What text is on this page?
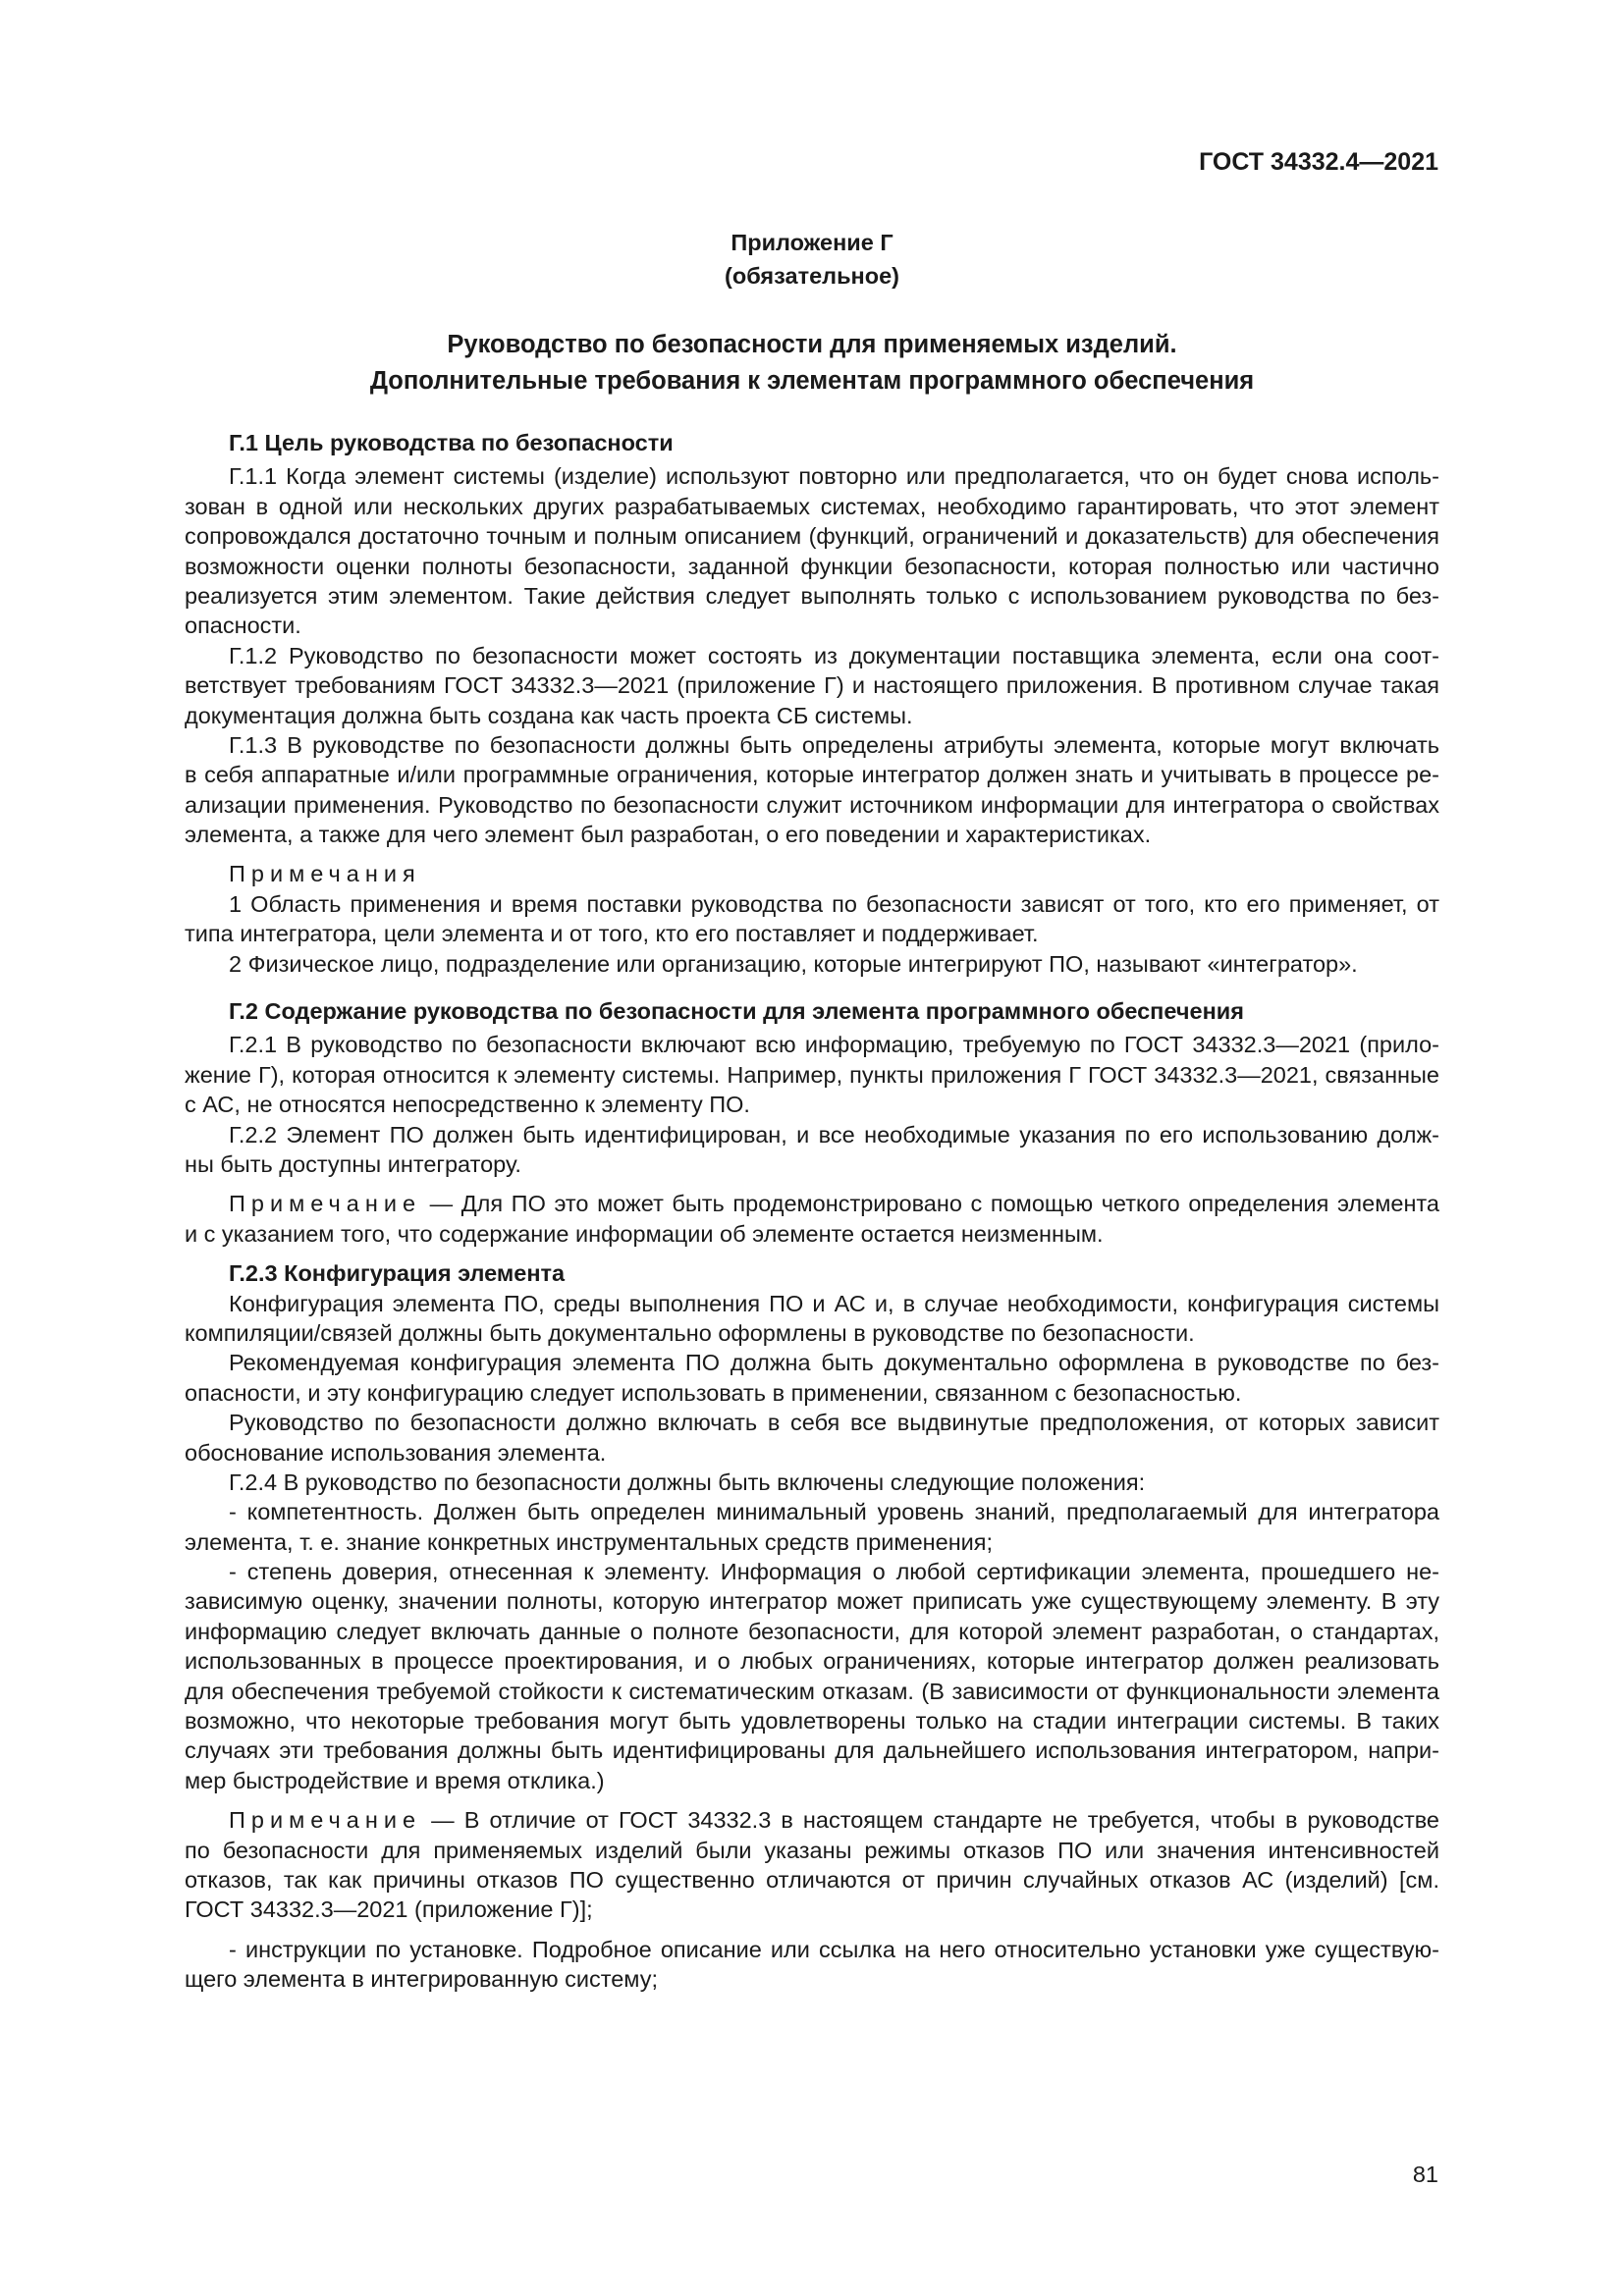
ГОСТ 34332.4—2021
Приложение Г
(обязательное)
Руководство по безопасности для применяемых изделий.
Дополнительные требования к элементам программного обеспечения
Г.1 Цель руководства по безопасности
Г.1.1 Когда элемент системы (изделие) используют повторно или предполагается, что он будет снова исполь-
зован в одной или нескольких других разрабатываемых системах, необходимо гарантировать, что этот элемент
сопровождался достаточно точным и полным описанием (функций, ограничений и доказательств) для обеспечения
возможности оценки полноты безопасности, заданной функции безопасности, которая полностью или частично
реализуется этим элементом. Такие действия следует выполнять только с использованием руководства по без-
опасности.
Г.1.2 Руководство по безопасности может состоять из документации поставщика элемента, если она соот-
ветствует требованиям ГОСТ 34332.3—2021 (приложение Г) и настоящего приложения. В противном случае такая
документация должна быть создана как часть проекта СБ системы.
Г.1.3 В руководстве по безопасности должны быть определены атрибуты элемента, которые могут включать
в себя аппаратные и/или программные ограничения, которые интегратор должен знать и учитывать в процессе ре-
ализации применения. Руководство по безопасности служит источником информации для интегратора о свойствах
элемента, а также для чего элемент был разработан, о его поведении и характеристиках.
Примечания
1 Область применения и время поставки руководства по безопасности зависят от того, кто его применяет, от
типа интегратора, цели элемента и от того, кто его поставляет и поддерживает.
2 Физическое лицо, подразделение или организацию, которые интегрируют ПО, называют «интегратор».
Г.2 Содержание руководства по безопасности для элемента программного обеспечения
Г.2.1 В руководство по безопасности включают всю информацию, требуемую по ГОСТ 34332.3—2021 (прило-
жение Г), которая относится к элементу системы. Например, пункты приложения Г ГОСТ 34332.3—2021, связанные
с АС, не относятся непосредственно к элементу ПО.
Г.2.2 Элемент ПО должен быть идентифицирован, и все необходимые указания по его использованию долж-
ны быть доступны интегратору.
Примечание — Для ПО это может быть продемонстрировано с помощью четкого определения элемента
и с указанием того, что содержание информации об элементе остается неизменным.
Г.2.3 Конфигурация элемента
Конфигурация элемента ПО, среды выполнения ПО и АС и, в случае необходимости, конфигурация системы
компиляции/связей должны быть документально оформлены в руководстве по безопасности.
Рекомендуемая конфигурация элемента ПО должна быть документально оформлена в руководстве по без-
опасности, и эту конфигурацию следует использовать в применении, связанном с безопасностью.
Руководство по безопасности должно включать в себя все выдвинутые предположения, от которых зависит
обоснование использования элемента.
Г.2.4 В руководство по безопасности должны быть включены следующие положения:
- компетентность. Должен быть определен минимальный уровень знаний, предполагаемый для интегратора
элемента, т. е. знание конкретных инструментальных средств применения;
- степень доверия, отнесенная к элементу. Информация о любой сертификации элемента, прошедшего не-
зависимую оценку, значении полноты, которую интегратор может приписать уже существующему элементу. В эту
информацию следует включать данные о полноте безопасности, для которой элемент разработан, о стандартах,
использованных в процессе проектирования, и о любых ограничениях, которые интегратор должен реализовать
для обеспечения требуемой стойкости к систематическим отказам. (В зависимости от функциональности элемента
возможно, что некоторые требования могут быть удовлетворены только на стадии интеграции системы. В таких
случаях эти требования должны быть идентифицированы для дальнейшего использования интегратором, напри-
мер быстродействие и время отклика.)
Примечание — В отличие от ГОСТ 34332.3 в настоящем стандарте не требуется, чтобы в руководстве
по безопасности для применяемых изделий были указаны режимы отказов ПО или значения интенсивностей
отказов, так как причины отказов ПО существенно отличаются от причин случайных отказов АС (изделий) [см.
ГОСТ 34332.3—2021 (приложение Г)];
- инструкции по установке. Подробное описание или ссылка на него относительно установки уже существую-
щего элемента в интегрированную систему;
81
